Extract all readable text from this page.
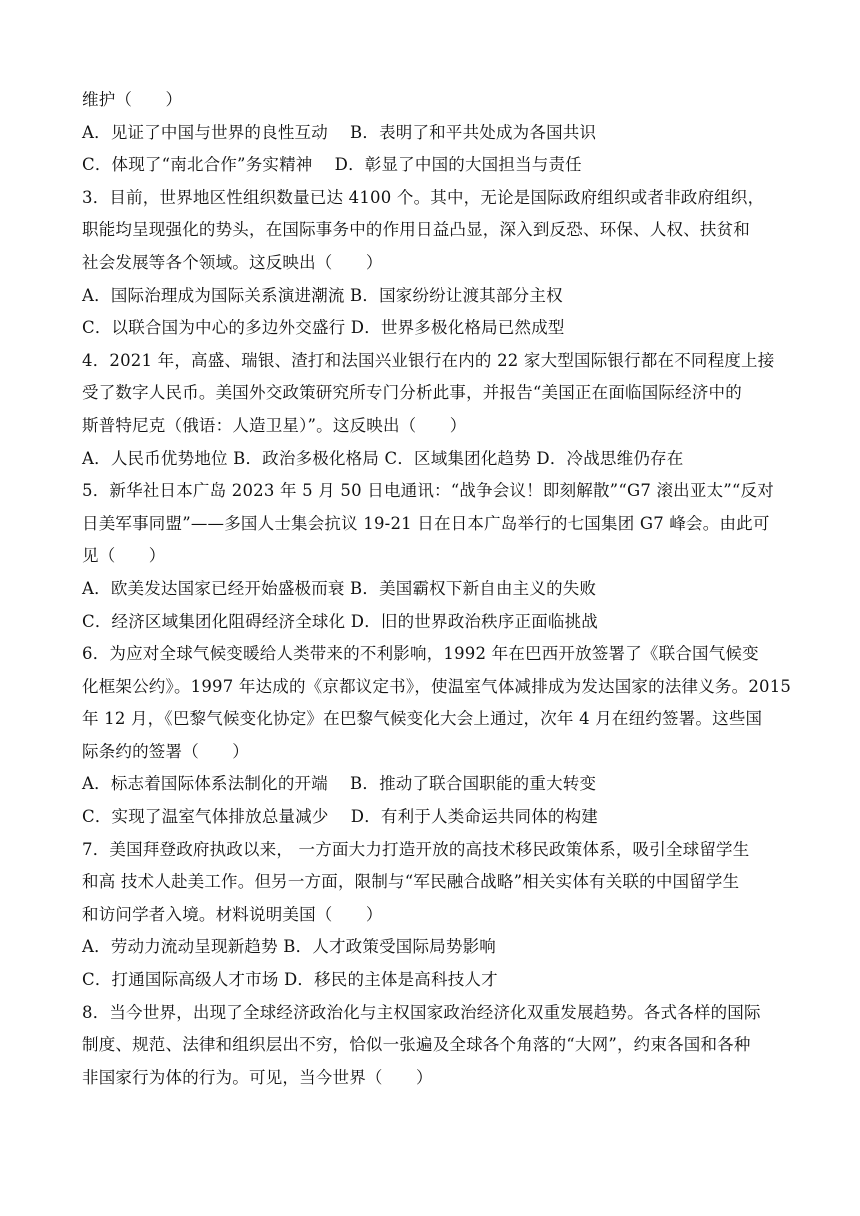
维护（　　）
A．见证了中国与世界的良性互动　 B．表明了和平共处成为各国共识
C．体现了“南北合作”务实精神　 D．彰显了中国的大国担当与责任
3．目前，世界地区性组织数量已达 4100 个。其中，无论是国际政府组织或者非政府组织，
职能均呈现强化的势头，在国际事务中的作用日益凸显，深入到反恐、环保、人权、扶贫和
社会发展等各个领域。这反映出（　　）
A．国际治理成为国际关系演进潮流 B．国家纷纷让渡其部分主权
C．以联合国为中心的多边外交盛行 D．世界多极化格局已然成型
4．2021 年，高盛、瑞银、渣打和法国兴业银行在内的 22 家大型国际银行都在不同程度上接
受了数字人民币。美国外交政策研究所专门分析此事，并报告“美国正在面临国际经济中的
斯普特尼克（俄语：人造卫星）”。这反映出（　　）
A．人民币优势地位 B．政治多极化格局 C．区域集团化趋势 D．冷战思维仍存在
5．新华社日本广岛 2023 年 5 月 50 日电通讯：“战争会议！即刻解散”“G7 滚出亚太”“反对
日美军事同盟”——多国人士集会抗议 19-21 日在日本广岛举行的七国集团 G7 峰会。由此可
见（　　）
A．欧美发达国家已经开始盛极而衰 B．美国霸权下新自由主义的失败
C．经济区域集团化阻碍经济全球化 D．旧的世界政治秩序正面临挑战
6．为应对全球气候变暖给人类带来的不利影响，1992 年在巴西开放签署了《联合国气候变
化框架公约》。1997 年达成的《京都议定书》，使温室气体减排成为发达国家的法律义务。2015
年 12 月，《巴黎气候变化协定》在巴黎气候变化大会上通过，次年 4 月在纽约签署。这些国
际条约的签署（　　）
A．标志着国际体系法制化的开端　 B．推动了联合国职能的重大转变
C．实现了温室气体排放总量减少　 D．有利于人类命运共同体的构建
7．美国拜登政府执政以来， 一方面大力打造开放的高技术移民政策体系，吸引全球留学生
和高 技术人赴美工作。但另一方面，限制与“军民融合战略”相关实体有关联的中国留学生
和访问学者入境。材料说明美国（　　）
A．劳动力流动呈现新趋势 B．人才政策受国际局势影响
C．打通国际高级人才市场 D．移民的主体是高科技人才
8．当今世界，出现了全球经济政治化与主权国家政治经济化双重发展趋势。各式各样的国际
制度、规范、法律和组织层出不穷，恰似一张遍及全球各个角落的“大网”，约束各国和各种
非国家行为体的行为。可见，当今世界（　　）
